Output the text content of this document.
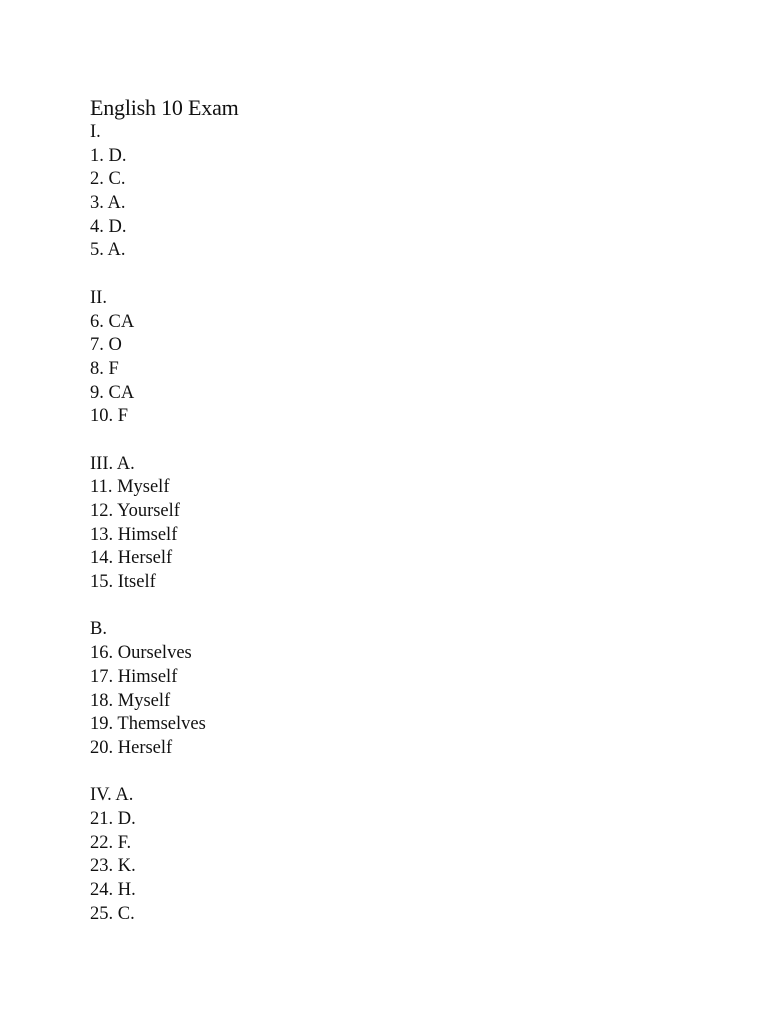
English 10 Exam
I.
1. D.
2. C.
3. A.
4. D.
5. A.
II.
6. CA
7. O
8. F
9. CA
10. F
III. A.
11. Myself
12. Yourself
13. Himself
14. Herself
15. Itself
B.
16. Ourselves
17. Himself
18. Myself
19. Themselves
20. Herself
IV. A.
21. D.
22. F.
23. K.
24. H.
25. C.
